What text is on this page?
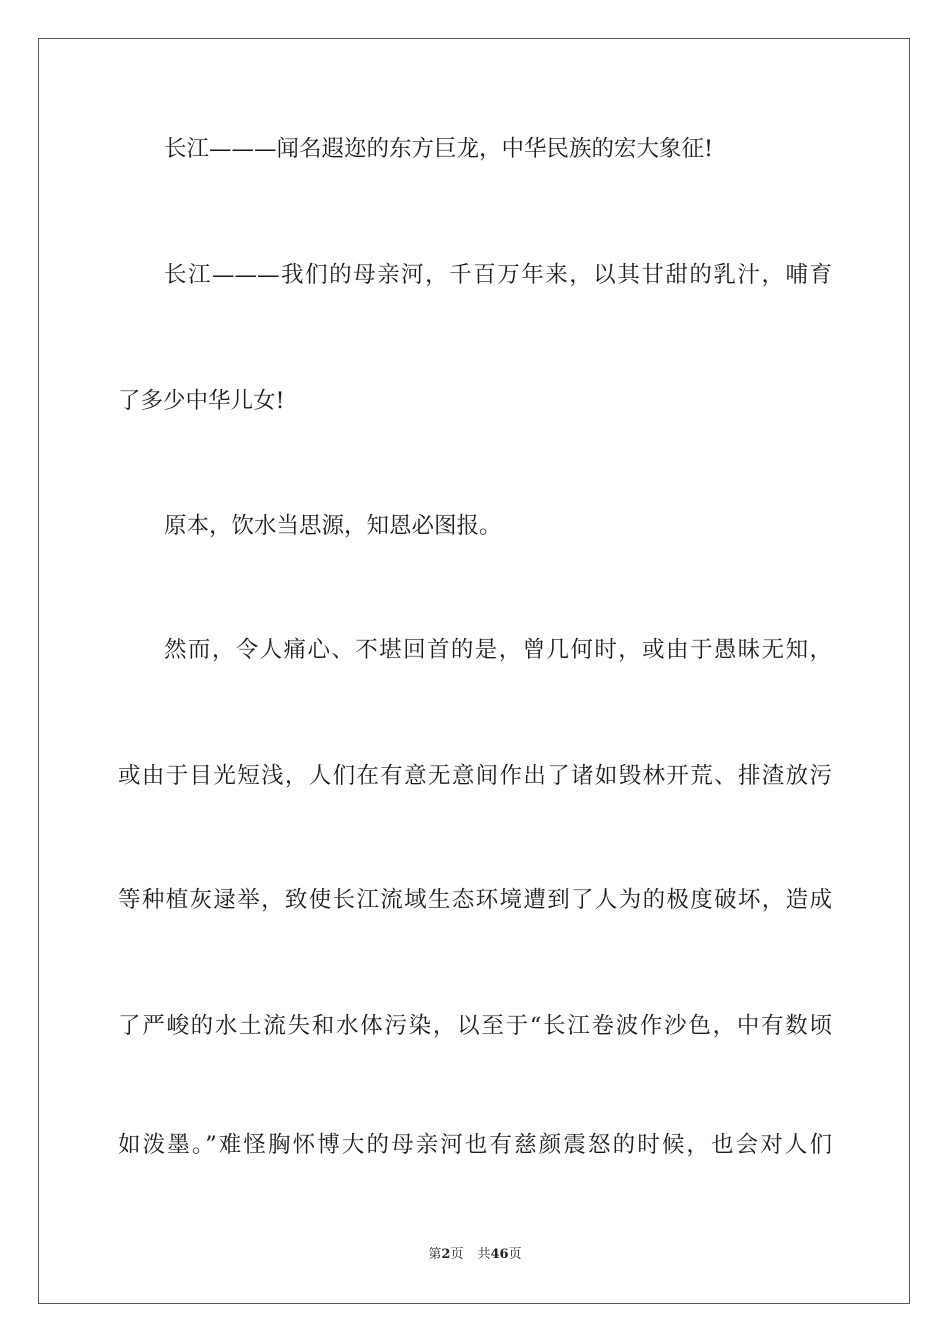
长江———闻名遐迩的东方巨龙，中华民族的宏大象征!
长江———我们的母亲河，千百万年来，以其甘甜的乳汁，哺育
了多少中华儿女!
原本，饮水当思源，知恩必图报。
然而，令人痛心、不堪回首的是，曾几何时，或由于愚昧无知，
或由于目光短浅，人们在有意无意间作出了诸如毁林开荒、排渣放污
等种植灰逯举，致使长江流域生态环境遭到了人为的极度破坏，造成
了严峻的水土流失和水体污染，以至于“长江卷波作沙色，中有数顷
如泼墨。”难怪胸怀博大的母亲河也有慈颜震怒的时候，也会对人们
第2页 共46页
